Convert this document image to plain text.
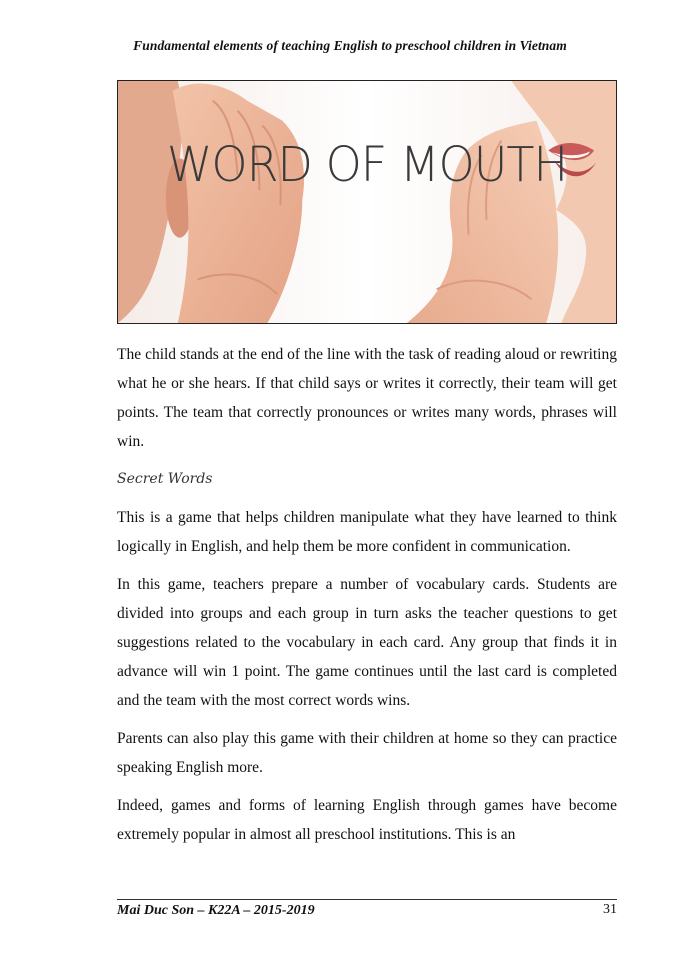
Fundamental elements of teaching English to preschool children in Vietnam
WORD OF MOUTH

The child stands at the end of the line with the task of reading aloud or rewriting what he or she hears. If that child says or writes it correctly, their team will get points. The team that correctly pronounces or writes many words, phrases will win.

Secret Words

This is a game that helps children manipulate what they have learned to think logically in English, and help them be more confident in communication.

In this game, teachers prepare a number of vocabulary cards. Students are divided into groups and each group in turn asks the teacher questions to get suggestions related to the vocabulary in each card. Any group that finds it in advance will win 1 point. The game continues until the last card is completed and the team with the most correct words wins.

Parents can also play this game with their children at home so they can practice speaking English more.

Indeed, games and forms of learning English through games have become extremely popular in almost all preschool institutions. This is an

Mai Duc Son – K22A – 2015-2019	31
